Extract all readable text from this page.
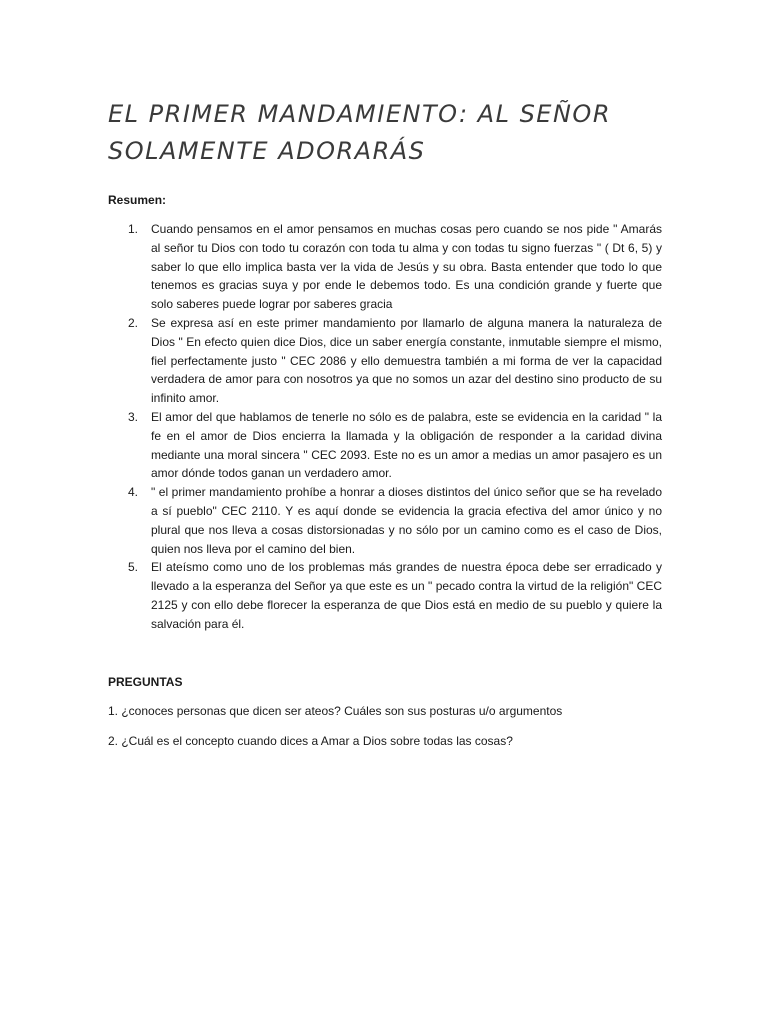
EL PRIMER MANDAMIENTO: AL SEÑOR SOLAMENTE ADORARÁS

Resumen:

1. Cuando pensamos en el amor pensamos en muchas cosas pero cuando se nos pide " Amarás al señor tu Dios con todo tu corazón con toda tu alma y con todas tu signo fuerzas " ( Dt 6, 5) y saber lo que ello implica basta ver la vida de Jesús y su obra. Basta entender que todo lo que tenemos es gracias suya y por ende le debemos todo. Es una condición grande y fuerte que solo saberes puede lograr por saberes gracia
2. Se expresa así en este primer mandamiento por llamarlo de alguna manera la naturaleza de Dios " En efecto quien dice Dios, dice un saber energía constante, inmutable siempre el mismo, fiel perfectamente justo " CEC 2086 y ello demuestra también a mi forma de ver la capacidad verdadera de amor para con nosotros ya que no somos un azar del destino sino producto de su infinito amor.
3. El amor del que hablamos de tenerle no sólo es de palabra, este se evidencia en la caridad " la fe en el amor de Dios encierra la llamada y la obligación de responder a la caridad divina mediante una moral sincera " CEC 2093. Este no es un amor a medias un amor pasajero es un amor dónde todos ganan un verdadero amor.
4. " el primer mandamiento prohíbe a honrar a dioses distintos del único señor que se ha revelado a sí pueblo" CEC 2110. Y es aquí donde se evidencia la gracia efectiva del amor único y no plural que nos lleva a cosas distorsionadas y no sólo por un camino como es el caso de Dios, quien nos lleva por el camino del bien.
5. El ateísmo como uno de los problemas más grandes de nuestra época debe ser erradicado y llevado a la esperanza del Señor ya que este es un " pecado contra la virtud de la religión" CEC 2125 y con ello debe florecer la esperanza de que Dios está en medio de su pueblo y quiere la salvación para él.

PREGUNTAS

1. ¿conoces personas que dicen ser ateos? Cuáles son sus posturas u/o argumentos

2. ¿Cuál es el concepto cuando dices a Amar a Dios sobre todas las cosas?
